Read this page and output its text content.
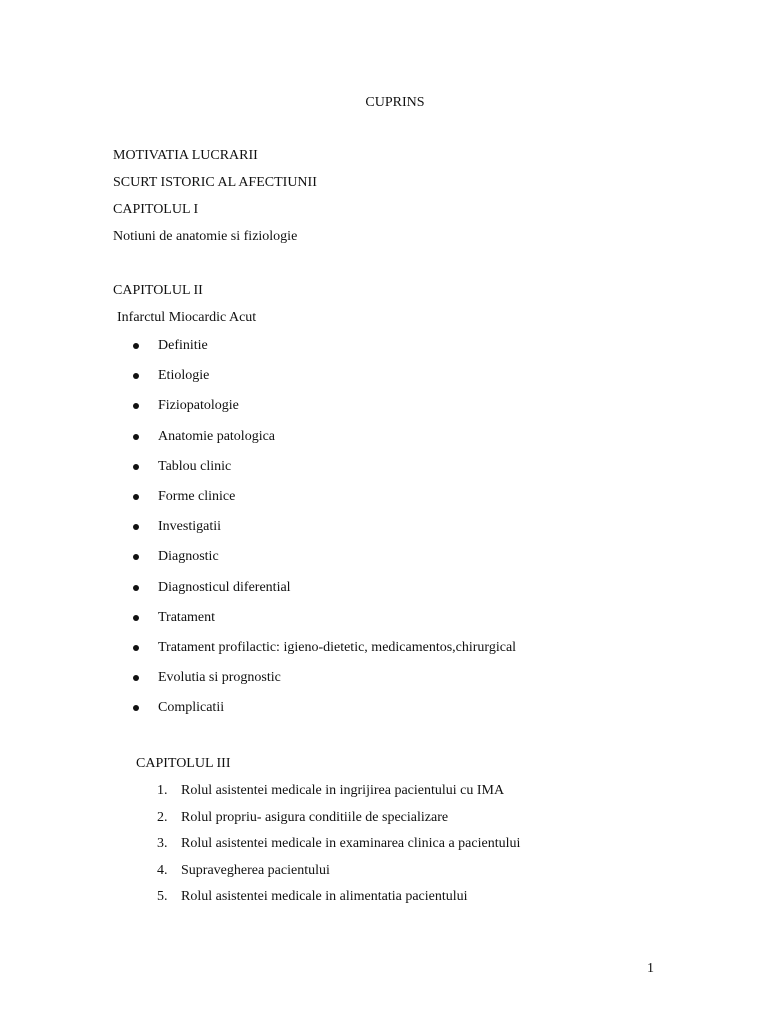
CUPRINS
MOTIVATIA LUCRARII
SCURT ISTORIC AL AFECTIUNII
CAPITOLUL I
Notiuni de anatomie si fiziologie
CAPITOLUL II
Infarctul Miocardic Acut
Definitie
Etiologie
Fiziopatologie
Anatomie patologica
Tablou clinic
Forme clinice
Investigatii
Diagnostic
Diagnosticul diferential
Tratament
Tratament profilactic: igieno-dietetic, medicamentos,chirurgical
Evolutia si prognostic
Complicatii
CAPITOLUL III
1. Rolul asistentei medicale in ingrijirea pacientului cu IMA
2. Rolul propriu- asigura conditiile de specializare
3. Rolul asistentei medicale in examinarea clinica a pacientului
4. Supravegherea pacientului
5. Rolul asistentei medicale in alimentatia pacientului
1
